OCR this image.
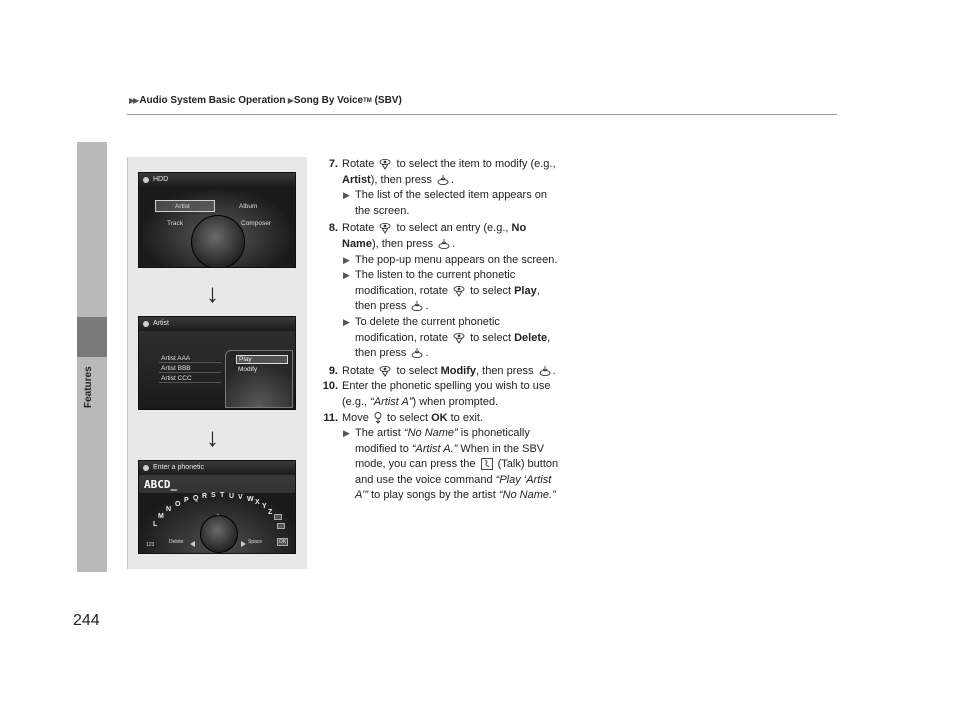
▶▶ Audio System Basic Operation ▶ Song By Voice TM
(SBV)
Features
244
HDD
Artist	Album
Track	Composer
↓
Artist
Artist AAA
Artist BBB
Artist CCC
Play
Modify
↓
Enter a phonetic
ABCD_
L
M
N
O
P Q R S T U V W X
Y
Z
123	Delete	Space	OK
7. Rotate to select the item to modify (e.g., Artist), then press .
▶ The list of the selected item appears on the screen.
8. Rotate to select an entry (e.g., No Name), then press .
▶ The pop-up menu appears on the screen.
▶ The listen to the current phonetic modification, rotate to select Play, then press .
▶ To delete the current phonetic modification, rotate to select Delete, then press .
9. Rotate to select Modify, then press .
10. Enter the phonetic spelling you wish to use (e.g., “Artist A”) when prompted.
11. Move to select OK to exit.
▶ The artist “No Name” is phonetically modified to “Artist A.” When in the SBV mode, you can press the (Talk) button and use the voice command “Play ‘Artist A’” to play songs by the artist “No Name.”
